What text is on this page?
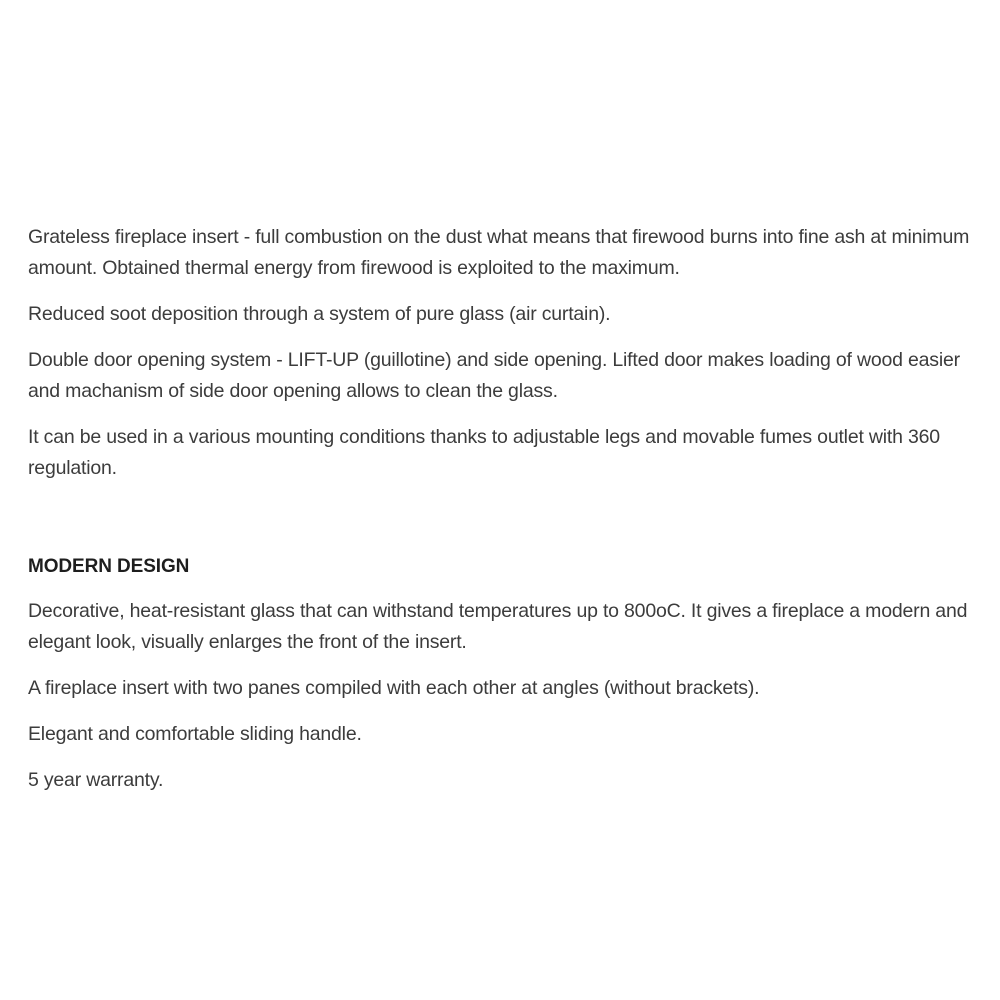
Grateless fireplace insert - full combustion on the dust what means that firewood burns into fine ash at minimum amount. Obtained thermal energy from firewood is exploited to the maximum.

Reduced soot deposition through a system of pure glass (air curtain).

Double door opening system - LIFT-UP (guillotine) and side opening. Lifted door makes loading of wood easier and machanism of side door opening allows to clean the glass.

It can be used in a various mounting conditions thanks to adjustable legs and movable fumes outlet with 360 regulation.

MODERN DESIGN

Decorative, heat-resistant glass that can withstand temperatures up to 800oC. It gives a fireplace a modern and elegant look, visually enlarges the front of the insert.

A fireplace insert with two panes compiled with each other at angles (without brackets).

Elegant and comfortable sliding handle.

5 year warranty.
